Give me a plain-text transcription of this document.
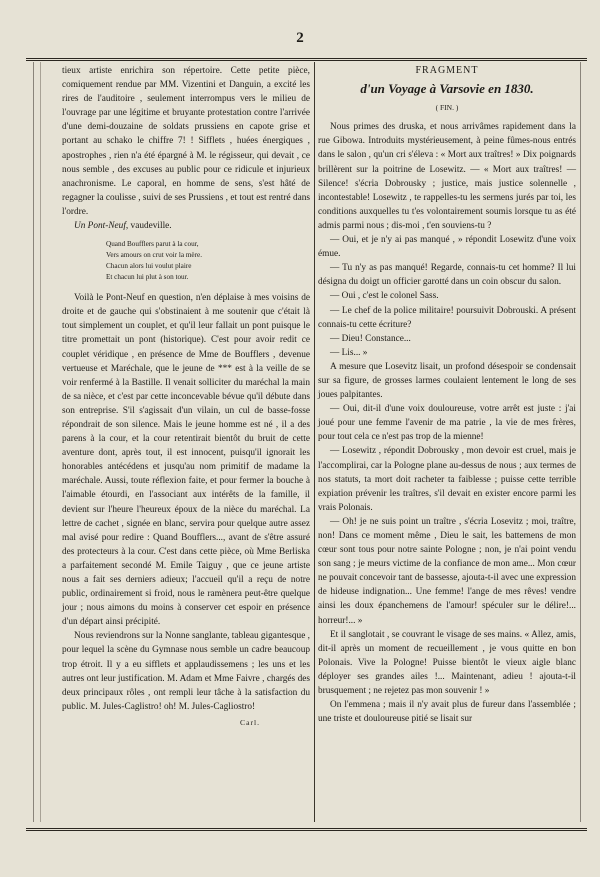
2

tieux artiste enrichira son répertoire. Cette petite pièce, comiquement rendue par MM. Vizentini et Danguin, a excité les rires de l'auditoire , seulement interrompus vers le milieu de l'ouvrage par une légitime et bruyante protestation contre l'arrivée d'une demi-douzaine de soldats prussiens en capote grise et portant au schako le chiffre 7! ! Sifflets , huées énergiques , apostrophes , rien n'a été épargné à M. le régisseur, qui devait , ce nous semble , des excuses au public pour ce ridicule et injurieux anachronisme. Le caporal, en homme de sens, s'est hâté de regagner la coulisse , suivi de ses Prussiens , et tout est rentré dans l'ordre.

Un Pont-Neuf, vaudeville.

Quand Boufflers parut à la cour,
Vers amours on crut voir la mère.
Chacun alors lui voulut plaire
Et chacun lui plut à son tour.

Voilà le Pont-Neuf en question, n'en déplaise à mes voisins de droite et de gauche qui s'obstinaient à me soutenir que c'était là tout simplement un couplet, et qu'il leur fallait un pont puisque le titre promettait un pont (historique). C'est pour avoir redit ce couplet véridique , en présence de Mme de Boufflers , devenue vertueuse et Maréchale, que le jeune de *** est à la veille de se voir renfermé à la Bastille. Il venait solliciter du maréchal la main de sa nièce, et c'est par cette inconcevable bévue qu'il débute dans son entreprise. S'il s'agissait d'un vilain, un cul de basse-fosse répondrait de son silence. Mais le jeune homme est né , il a des parens à la cour, et la cour retentirait bientôt du bruit de cette aventure dont, après tout, il est innocent, puisqu'il ignorait les honorables antécédens et jusqu'au nom primitif de madame la maréchale. Aussi, toute réflexion faite, et pour fermer la bouche à l'aimable étourdi, en l'associant aux intérêts de la famille, il devient sur l'heure l'heureux époux de la nièce du maréchal. La lettre de cachet , signée en blanc, servira pour quelque autre assez mal avisé pour redire : Quand Boufflers..., avant de s'être assuré des protecteurs à la cour. C'est dans cette pièce, où Mme Berliska a parfaitement secondé M. Emile Taiguy , que ce jeune artiste nous a fait ses derniers adieux; l'accueil qu'il a reçu de notre public, ordinairement si froid, nous le ramènera peut-être quelque jour ; nous aimons du moins à conserver cet espoir en présence d'un départ ainsi précipité.

Nous reviendrons sur la Nonne sanglante, tableau gigantesque , pour lequel la scène du Gymnase nous semble un cadre beaucoup trop étroit. Il y a eu sifflets et applaudissemens ; les uns et les autres ont leur justification. M. Adam et Mme Faivre , chargés des deux principaux rôles , ont rempli leur tâche à la satisfaction du public. M. Jules-Caglistro! oh! M. Jules-Cagliostro!

Carl.
FRAGMENT
d'un Voyage à Varsovie en 1830.
( FIN. )

Nous primes des druska, et nous arrivâmes rapidement dans la rue Gibowa. Introduits mystérieusement, à peine fûmes-nous entrés dans le salon , qu'un cri s'éleva : « Mort aux traîtres! » Dix poignards brillèrent sur la poitrine de Losewitz. — « Mort aux traîtres! — Silence! s'écria Dobrousky ; justice, mais justice solennelle , incontestable! Losewitz , te rappelles-tu les sermens jurés par toi, les conditions auxquelles tu t'es volontairement soumis lorsque tu as été admis parmi nous ; dis-moi , t'en souviens-tu ?

— Oui, et je n'y ai pas manqué , » répondit Losewitz d'une voix émue.

— Tu n'y as pas manqué! Regarde, connais-tu cet homme? Il lui désigna du doigt un officier garotté dans un coin obscur du salon.

— Oui , c'est le colonel Sass.

— Le chef de la police militaire! poursuivit Dobrouski. A présent connais-tu cette écriture?

— Dieu! Constance...

— Lis... »

A mesure que Losevitz lisait, un profond désespoir se condensait sur sa figure, de grosses larmes coulaient lentement le long de ses joues palpitantes.

— Oui, dit-il d'une voix douloureuse, votre arrêt est juste : j'ai joué pour une femme l'avenir de ma patrie , la vie de mes frères, pour tout cela ce n'est pas trop de la mienne!

— Losewitz , répondit Dobrousky , mon devoir est cruel, mais je l'accomplirai, car la Pologne plane au-dessus de nous ; aux termes de nos statuts, ta mort doit racheter ta faiblesse ; puisse cette terrible expiation prévenir les traîtres, s'il devait en exister encore parmi les vrais Polonais.

— Oh! je ne suis point un traître , s'écria Losevitz ; moi, traître, non! Dans ce moment même , Dieu le sait, les battemens de mon cœur sont tous pour notre sainte Pologne ; non, je n'ai point vendu son sang ; je meurs victime de la confiance de mon ame... Mon cœur ne pouvait concevoir tant de bassesse, ajouta-t-il avec une expression de hideuse indignation... Une femme! l'ange de mes rêves! vendre ainsi les doux épanchemens de l'amour! spéculer sur le délire!... horreur!... »

Et il sanglotait , se couvrant le visage de ses mains. « Allez, amis, dit-il après un moment de recueillement , je vous quitte en bon Polonais. Vive la Pologne! Puisse bientôt le vieux aigle blanc déployer ses grandes ailes !... Maintenant, adieu ! ajouta-t-il brusquement ; ne rejetez pas mon souvenir ! »

On l'emmena ; mais il n'y avait plus de fureur dans l'assemblée ; une triste et douloureuse pitié se lisait sur
